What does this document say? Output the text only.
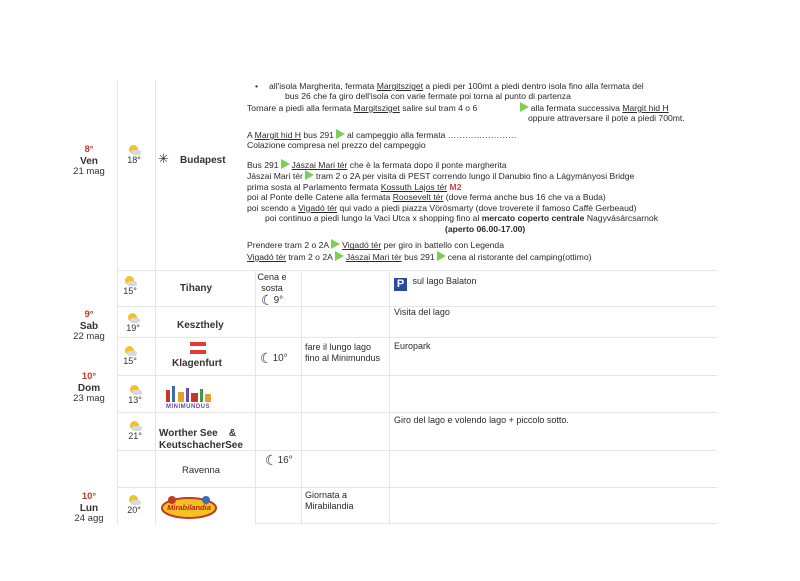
• all'isola Margherita, fermata Margitsziget a piedi per 100mt a piedi dentro isola fino alla fermata del
bus 26 che fa giro dell'isola con varie fermate poi torna al punto di partenza
Tornare a piedi alla fermata Margitsziget salire sul tram 4 o 6	alla fermata successiva Margit hid H
oppure attraversare il pote a piedi 700mt.
A Margit hid H bus 291 al campeggio alla fermata ……………………
Colazione compresa nel prezzo del campeggio
Bus 291 Jászai Mari tér che è la fermata dopo il ponte margherita
Jászai Mari tér tram 2 o 2A per visita di PEST correndo lungo il Danubio fino a Lágymányosi Bridge
prima sosta al Parlamento fermata Kossuth Lajos tér M2
poi al Ponte delle Catene alla fermata Roosevelt tér (dove ferma anche bus 16 che va a Buda)
poi scendo a Vigadó tér qui vado a piedi piazza Vörösmarty (dove troverete il famoso Caffè Gerbeaud)
poi continuo a piedi lungo la Vaci Utca x shopping fino al mercato coperto centrale Nagyvásárcsarnok
(aperto 06.00-17.00)
Prendere tram 2 o 2A Vigadó tér per giro in battello con Legenda
Vigadó tér tram 2 o 2A Jászai Mari tér bus 291 cena al ristorante del camping(ottimo)
8°
Ven
21 mag
9°
Sab
22 mag
10°
Dom
23 mag
10°
Lun
24 agg
18°
15°
19°
15°
13°
21°
20°
✳ Budapest
Tihany
Keszthely
Klagenfurt
MINIMUNDUS
Worther See    &
KeutschacherSee
Ravenna
Mirabilandia
Cena e
sosta
☾9°
☾10°
☾16°
fare il lungo lago
fino al Minimundus
Giornata a
Mirabilandia
P sul lago Balaton
Visita del lago
Europark
Giro del lago e volendo lago + piccolo sotto.
